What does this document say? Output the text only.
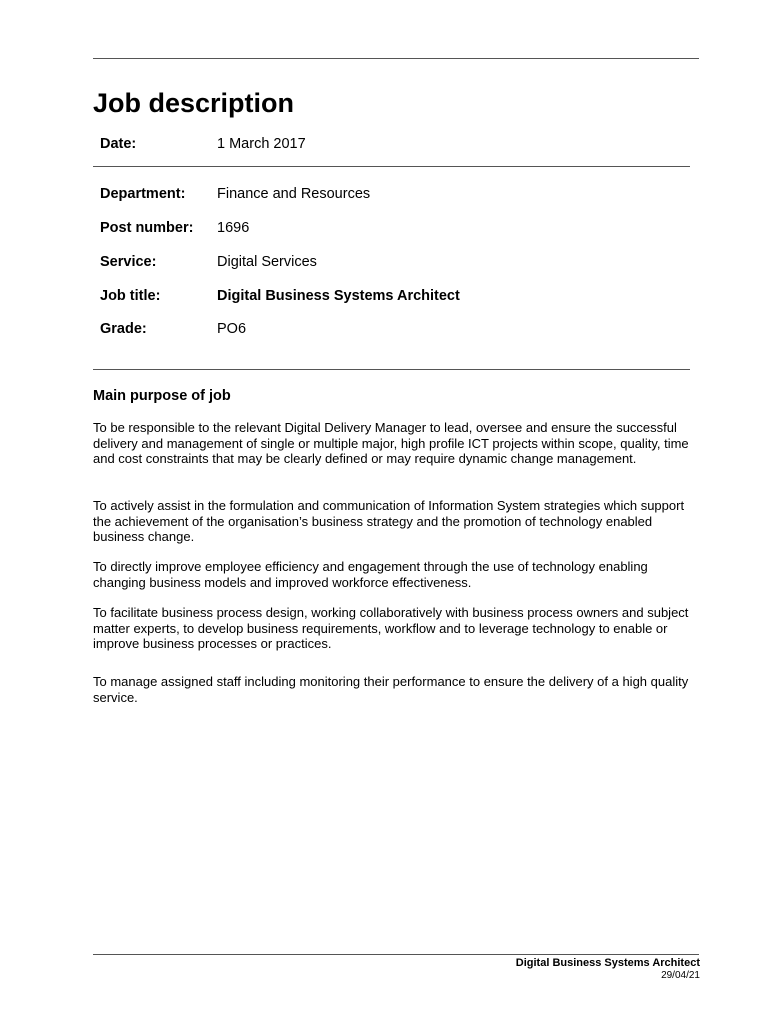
Job description
Date:	1 March 2017
Department: Finance and Resources
Post number: 1696
Service:	Digital Services
Job title:	Digital Business Systems Architect
Grade:	PO6
Main purpose of job

To be responsible to the relevant Digital Delivery Manager to lead, oversee and ensure the successful delivery and management of single or multiple major, high profile ICT projects within scope, quality, time and cost constraints that may be clearly defined or may require dynamic change management.

To actively assist in the formulation and communication of Information System strategies which support the achievement of the organisation’s business strategy and the promotion of technology enabled business change.

To directly improve employee efficiency and engagement through the use of technology enabling changing business models and improved workforce effectiveness.

To facilitate business process design, working collaboratively with business process owners and subject matter experts, to develop business requirements, workflow and to leverage technology to enable or improve business processes or practices.

To manage assigned staff including monitoring their performance to ensure the delivery of a high quality service.

Digital Business Systems Architect
29/04/21
